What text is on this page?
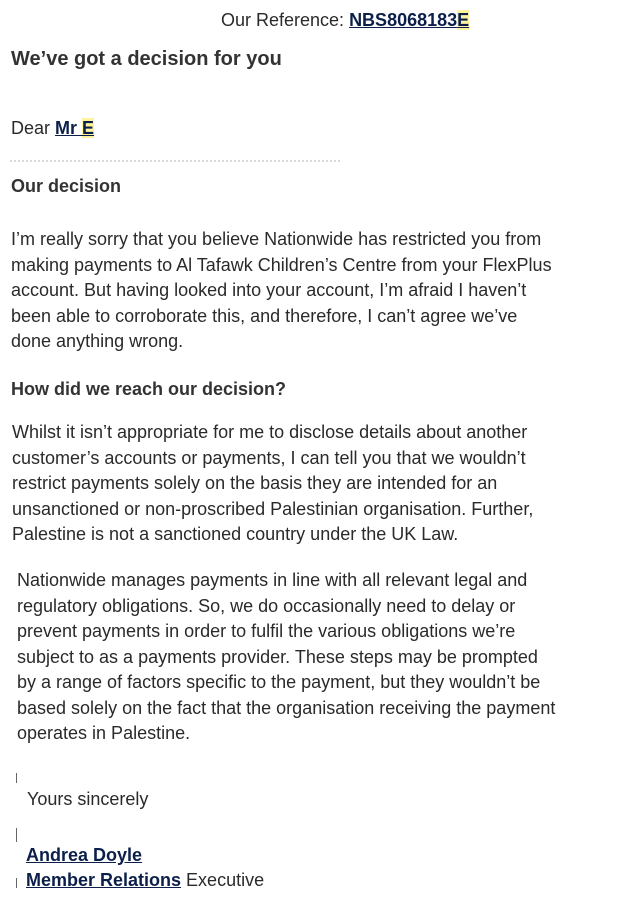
Our Reference: NBS8068183E
We’ve got a decision for you
Dear Mr E
Our decision
I’m really sorry that you believe Nationwide has restricted you from
making payments to Al Tafawk Children’s Centre from your FlexPlus
account. But having looked into your account, I’m afraid I haven’t
been able to corroborate this, and therefore, I can’t agree we’ve
done anything wrong.
How did we reach our decision?
Whilst it isn’t appropriate for me to disclose details about another
customer’s accounts or payments, I can tell you that we wouldn’t
restrict payments solely on the basis they are intended for an
unsanctioned or non-proscribed Palestinian organisation. Further,
Palestine is not a sanctioned country under the UK Law.
Nationwide manages payments in line with all relevant legal and
regulatory obligations. So, we do occasionally need to delay or
prevent payments in order to fulfil the various obligations we’re
subject to as a payments provider. These steps may be prompted
by a range of factors specific to the payment, but they wouldn’t be
based solely on the fact that the organisation receiving the payment
operates in Palestine.
Yours sincerely
Andrea Doyle
Member Relations Executive
